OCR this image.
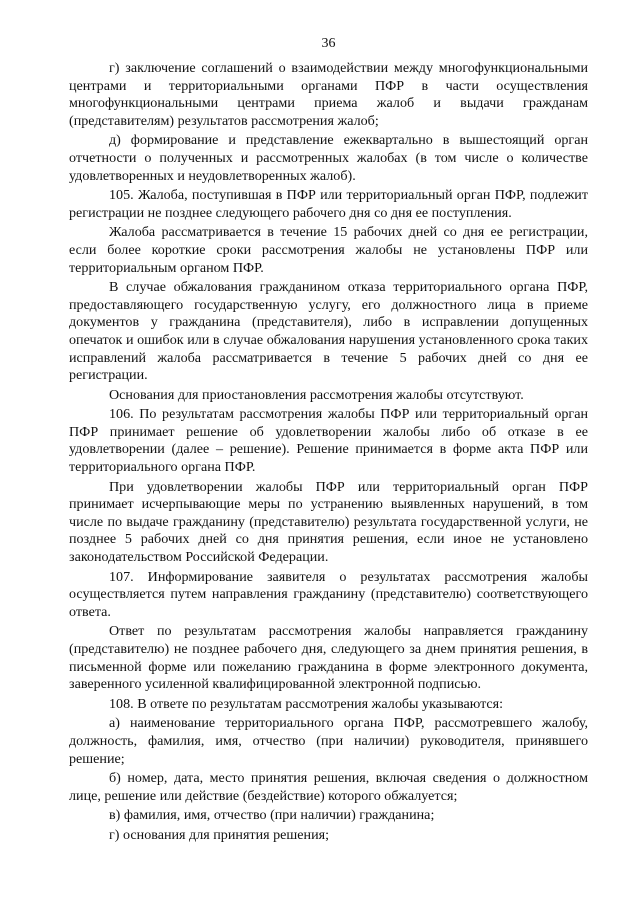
36

г) заключение соглашений о взаимодействии между многофункциональными центрами и территориальными органами ПФР в части осуществления многофункциональными центрами приема жалоб и выдачи гражданам (представителям) результатов рассмотрения жалоб;

д) формирование и представление ежеквартально в вышестоящий орган отчетности о полученных и рассмотренных жалобах (в том числе о количестве удовлетворенных и неудовлетворенных жалоб).

105. Жалоба, поступившая в ПФР или территориальный орган ПФР, подлежит регистрации не позднее следующего рабочего дня со дня ее поступления.

Жалоба рассматривается в течение 15 рабочих дней со дня ее регистрации, если более короткие сроки рассмотрения жалобы не установлены ПФР или территориальным органом ПФР.

В случае обжалования гражданином отказа территориального органа ПФР, предоставляющего государственную услугу, его должностного лица в приеме документов у гражданина (представителя), либо в исправлении допущенных опечаток и ошибок или в случае обжалования нарушения установленного срока таких исправлений жалоба рассматривается в течение 5 рабочих дней со дня ее регистрации.

Основания для приостановления рассмотрения жалобы отсутствуют.

106. По результатам рассмотрения жалобы ПФР или территориальный орган ПФР принимает решение об удовлетворении жалобы либо об отказе в ее удовлетворении (далее – решение). Решение принимается в форме акта ПФР или территориального органа ПФР.

При удовлетворении жалобы ПФР или территориальный орган ПФР принимает исчерпывающие меры по устранению выявленных нарушений, в том числе по выдаче гражданину (представителю) результата государственной услуги, не позднее 5 рабочих дней со дня принятия решения, если иное не установлено законодательством Российской Федерации.

107. Информирование заявителя о результатах рассмотрения жалобы осуществляется путем направления гражданину (представителю) соответствующего ответа.

Ответ по результатам рассмотрения жалобы направляется гражданину (представителю) не позднее рабочего дня, следующего за днем принятия решения, в письменной форме или пожеланию гражданина в форме электронного документа, заверенного усиленной квалифицированной электронной подписью.

108. В ответе по результатам рассмотрения жалобы указываются:

а) наименование территориального органа ПФР, рассмотревшего жалобу, должность, фамилия, имя, отчество (при наличии) руководителя, принявшего решение;

б) номер, дата, место принятия решения, включая сведения о должностном лице, решение или действие (бездействие) которого обжалуется;

в) фамилия, имя, отчество (при наличии) гражданина;

г) основания для принятия решения;
